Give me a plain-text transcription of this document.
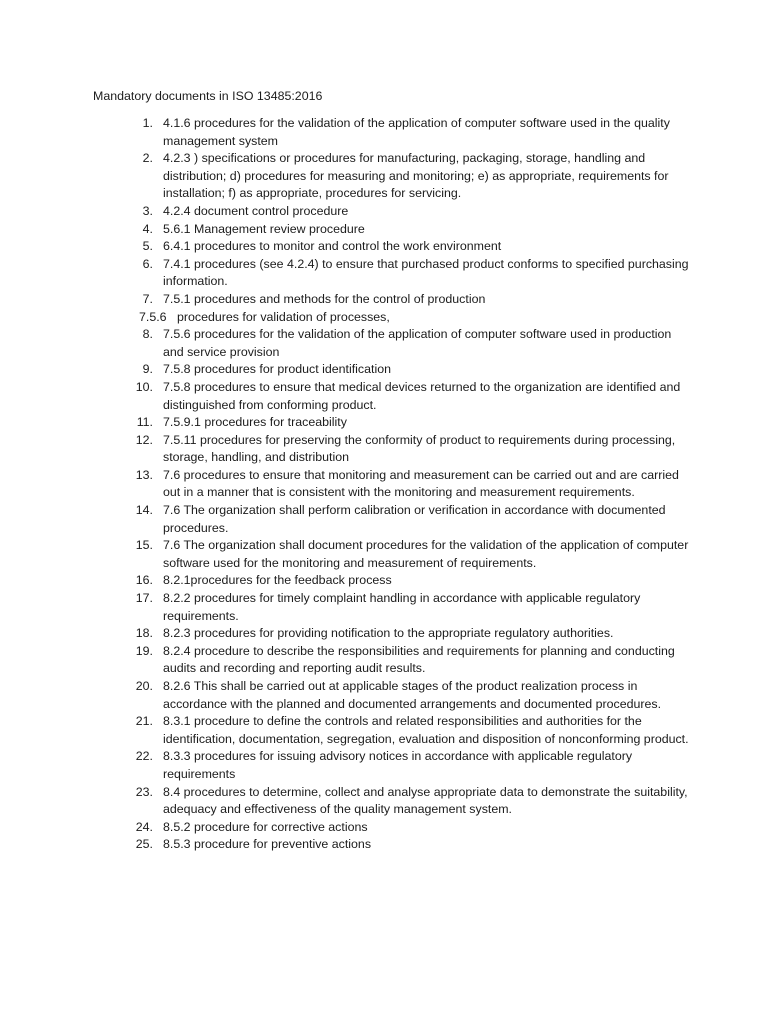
Mandatory documents in ISO 13485:2016
1. 4.1.6 procedures for the validation of the application of computer software used in the quality management system
2. 4.2.3 ) specifications or procedures for manufacturing, packaging, storage, handling and distribution; d) procedures for measuring and monitoring; e) as appropriate, requirements for installation; f) as appropriate, procedures for servicing.
3. 4.2.4 document control procedure
4. 5.6.1 Management review procedure
5. 6.4.1 procedures to monitor and control the work environment
6. 7.4.1 procedures (see 4.2.4) to ensure that purchased product conforms to specified purchasing information.
7. 7.5.1 procedures and methods for the control of production
7.5.6 procedures for validation of processes,
8. 7.5.6 procedures for the validation of the application of computer software used in production and service provision
9. 7.5.8 procedures for product identification
10. 7.5.8 procedures to ensure that medical devices returned to the organization are identified and distinguished from conforming product.
11. 7.5.9.1 procedures for traceability
12. 7.5.11 procedures for preserving the conformity of product to requirements during processing, storage, handling, and distribution
13. 7.6 procedures to ensure that monitoring and measurement can be carried out and are carried out in a manner that is consistent with the monitoring and measurement requirements.
14. 7.6 The organization shall perform calibration or verification in accordance with documented procedures.
15. 7.6 The organization shall document procedures for the validation of the application of computer software used for the monitoring and measurement of requirements.
16. 8.2.1procedures for the feedback process
17. 8.2.2 procedures for timely complaint handling in accordance with applicable regulatory requirements.
18. 8.2.3 procedures for providing notification to the appropriate regulatory authorities.
19. 8.2.4 procedure to describe the responsibilities and requirements for planning and conducting audits and recording and reporting audit results.
20. 8.2.6 This shall be carried out at applicable stages of the product realization process in accordance with the planned and documented arrangements and documented procedures.
21. 8.3.1 procedure to define the controls and related responsibilities and authorities for the identification, documentation, segregation, evaluation and disposition of nonconforming product.
22. 8.3.3 procedures for issuing advisory notices in accordance with applicable regulatory requirements
23. 8.4 procedures to determine, collect and analyse appropriate data to demonstrate the suitability, adequacy and effectiveness of the quality management system.
24. 8.5.2 procedure for corrective actions
25. 8.5.3 procedure for preventive actions
